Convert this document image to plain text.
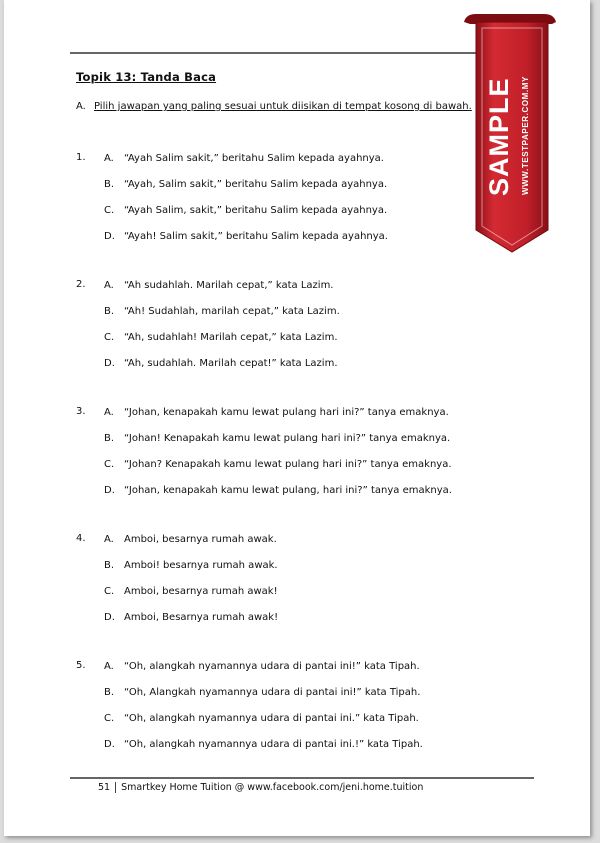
Topik 13: Tanda Baca
A. Pilih jawapan yang paling sesuai untuk diisikan di tempat kosong di bawah.
1. A. “Ayah Salim sakit,” beritahu Salim kepada ayahnya.
B. “Ayah, Salim sakit,” beritahu Salim kepada ayahnya.
C. “Ayah Salim, sakit,” beritahu Salim kepada ayahnya.
D. “Ayah! Salim sakit,” beritahu Salim kepada ayahnya.
2. A. “Ah sudahlah. Marilah cepat,” kata Lazim.
B. “Ah! Sudahlah, marilah cepat,” kata Lazim.
C. “Ah, sudahlah! Marilah cepat,” kata Lazim.
D. “Ah, sudahlah. Marilah cepat!” kata Lazim.
3. A. “Johan, kenapakah kamu lewat pulang hari ini?” tanya emaknya.
B. “Johan! Kenapakah kamu lewat pulang hari ini?” tanya emaknya.
C. “Johan? Kenapakah kamu lewat pulang hari ini?” tanya emaknya.
D. “Johan, kenapakah kamu lewat pulang, hari ini?” tanya emaknya.
4. A. Amboi, besarnya rumah awak.
B. Amboi! besarnya rumah awak.
C. Amboi, besarnya rumah awak!
D. Amboi, Besarnya rumah awak!
5. A. “Oh, alangkah nyamannya udara di pantai ini!” kata Tipah.
B. “Oh, Alangkah nyamannya udara di pantai ini!” kata Tipah.
C. “Oh, alangkah nyamannya udara di pantai ini.” kata Tipah.
D. “Oh, alangkah nyamannya udara di pantai ini.!” kata Tipah.
51 Smartkey Home Tuition @ www.facebook.com/jeni.home.tuition
SAMPLE WWW.TESTPAPER.COM.MY
